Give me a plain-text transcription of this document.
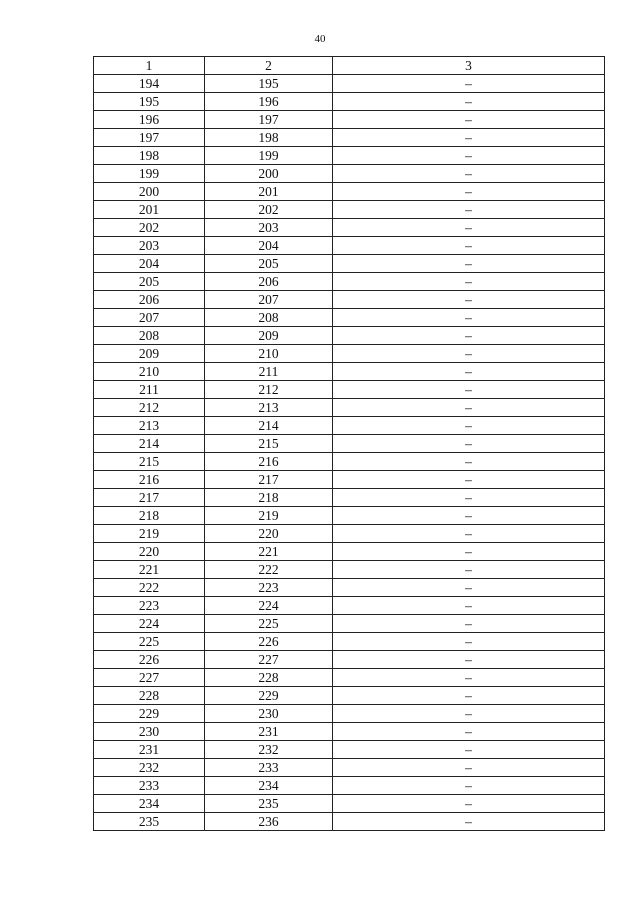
40
1	2	3
194	195	–
195	196	–
196	197	–
197	198	–
198	199	–
199	200	–
200	201	–
201	202	–
202	203	–
203	204	–
204	205	–
205	206	–
206	207	–
207	208	–
208	209	–
209	210	–
210	211	–
211	212	–
212	213	–
213	214	–
214	215	–
215	216	–
216	217	–
217	218	–
218	219	–
219	220	–
220	221	–
221	222	–
222	223	–
223	224	–
224	225	–
225	226	–
226	227	–
227	228	–
228	229	–
229	230	–
230	231	–
231	232	–
232	233	–
233	234	–
234	235	–
235	236	–
